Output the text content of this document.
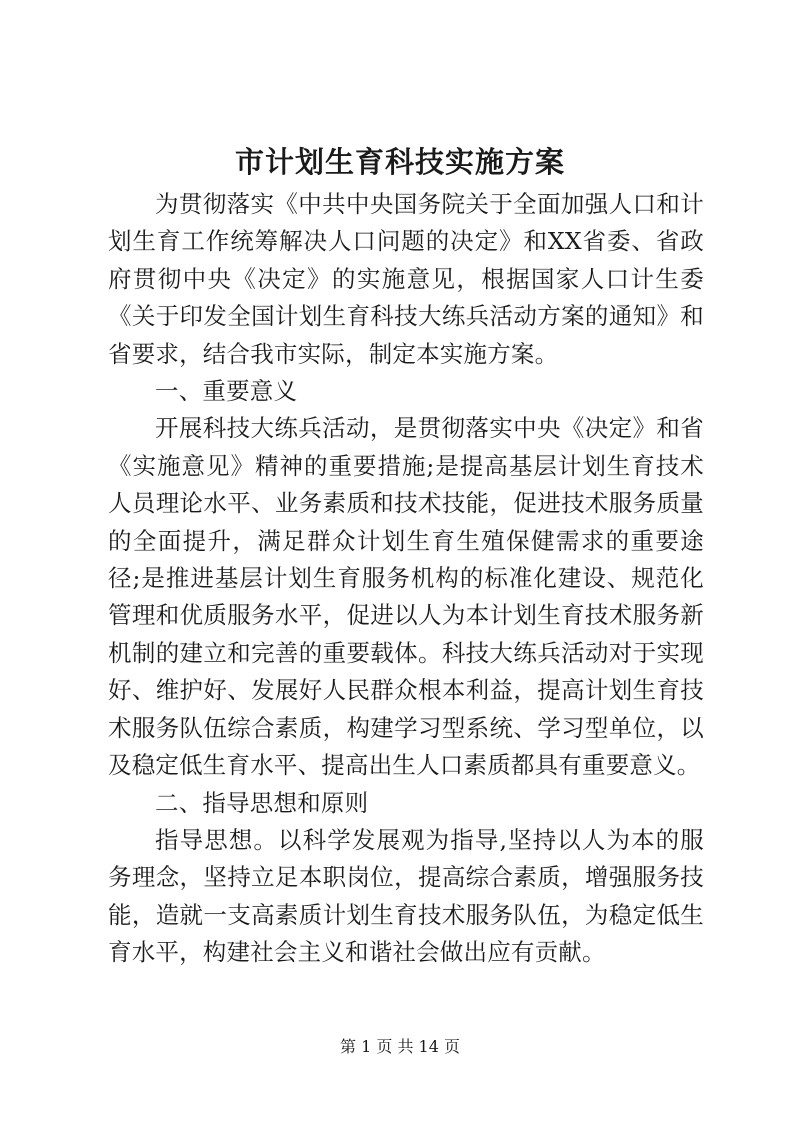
市计划生育科技实施方案

为贯彻落实《中共中央国务院关于全面加强人口和计划生育工作统筹解决人口问题的决定》和XX省委、省政府贯彻中央《决定》的实施意见，根据国家人口计生委《关于印发全国计划生育科技大练兵活动方案的通知》和省要求，结合我市实际，制定本实施方案。

一、重要意义

开展科技大练兵活动，是贯彻落实中央《决定》和省《实施意见》精神的重要措施;是提高基层计划生育技术人员理论水平、业务素质和技术技能，促进技术服务质量的全面提升，满足群众计划生育生殖保健需求的重要途径;是推进基层计划生育服务机构的标准化建设、规范化管理和优质服务水平，促进以人为本计划生育技术服务新机制的建立和完善的重要载体。科技大练兵活动对于实现好、维护好、发展好人民群众根本利益，提高计划生育技术服务队伍综合素质，构建学习型系统、学习型单位，以及稳定低生育水平、提高出生人口素质都具有重要意义。

二、指导思想和原则

指导思想。以科学发展观为指导,坚持以人为本的服务理念，坚持立足本职岗位，提高综合素质，增强服务技能，造就一支高素质计划生育技术服务队伍，为稳定低生育水平，构建社会主义和谐社会做出应有贡献。

第 1 页 共 14 页
